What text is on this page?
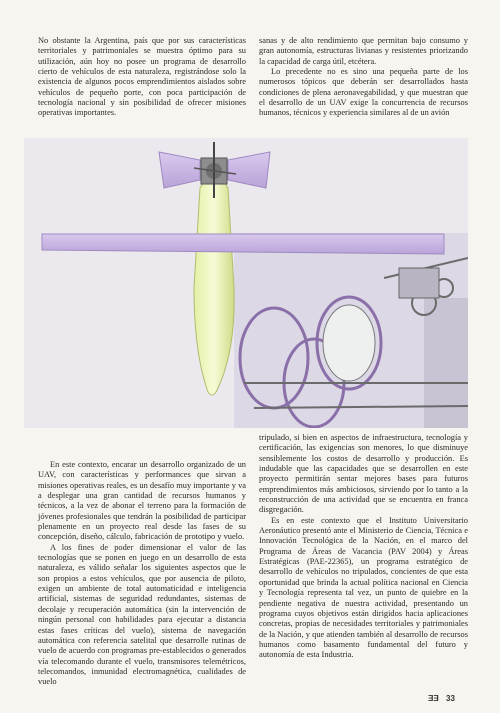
No obstante la Argentina, país que por sus características territoriales y patrimoniales se muestra óptimo para su utilización, aún hoy no posee un programa de desarrollo cierto de vehículos de esta naturaleza, registrándose solo la existencia de algunos pocos emprendimientos aislados sobre vehículos de pequeño porte, con poca participación de tecnología nacional y sin posibilidad de ofrecer misiones operativas importantes.

sanas y de alto rendimiento que permitan bajo consumo y gran autonomía, estructuras livianas y resistentes priorizando la capacidad de carga útil, etcétera.

Lo precedente no es sino una pequeña parte de los numerosos tópicos que deberán ser desarrollados hasta condiciones de plena aeronavegabilidad, y que muestran que el desarrollo de un UAV exige la concurrencia de recursos humanos, técnicos y experiencia similares al de un avión

En este contexto, encarar un desarrollo organizado de un UAV, con características y performances que sirvan a misiones operativas reales, es un desafío muy importante y va a desplegar una gran cantidad de recursos humanos y técnicos, a la vez de abonar el terreno para la formación de jóvenes profesionales que tendrán la posibilidad de participar plenamente en un proyecto real desde las fases de su concepción, diseño, cálculo, fabricación de prototipo y vuelo.

A los fines de poder dimensionar el valor de las tecnologías que se ponen en juego en un desarrollo de esta naturaleza, es válido señalar los siguientes aspectos que le son propios a estos vehículos, que por ausencia de piloto, exigen un ambiente de total automaticidad e inteligencia artificial, sistemas de seguridad redundantes, sistemas de decolaje y recuperación automática (sin la intervención de ningún personal con habilidades para ejecutar a distancia estas fases críticas del vuelo), sistema de navegación automática con referencia satelital que desarrolle rutinas de vuelo de acuerdo con programas pre-establecidos o generados vía telecomando durante el vuelo, transmisores telemétricos, telecomandos, inmunidad electromagnética, cualidades de vuelo

tripulado, si bien en aspectos de infraestructura, tecnología y certificación, las exigencias son menores, lo que disminuye sensiblemente los costos de desarrollo y producción. Es indudable que las capacidades que se desarrollen en este proyecto permitirán sentar mejores bases para futuros emprendimientos más ambiciosos, sirviendo por lo tanto a la reconstrucción de una actividad que se encuentra en franca disgregación.

Es en este contexto que el Instituto Universitario Aeronáutico presentó ante el Ministerio de Ciencia, Técnica e Innovación Tecnológica de la Nación, en el marco del Programa de Áreas de Vacancia (PAV 2004) y Áreas Estratégicas (PAE-22365), un programa estratégico de desarrollo de vehículos no tripulados, concientes de que esta oportunidad que brinda la actual política nacional en Ciencia y Tecnología representa tal vez, un punto de quiebre en la pendiente negativa de nuestra actividad, presentando un programa cuyos objetivos están dirigidos hacia aplicaciones concretas, propias de necesidades territoriales y patrimoniales de la Nación, y que atienden también al desarrollo de recursos humanos como basamento fundamental del futuro y autonomía de esta Industria.

ƎƎ 33
